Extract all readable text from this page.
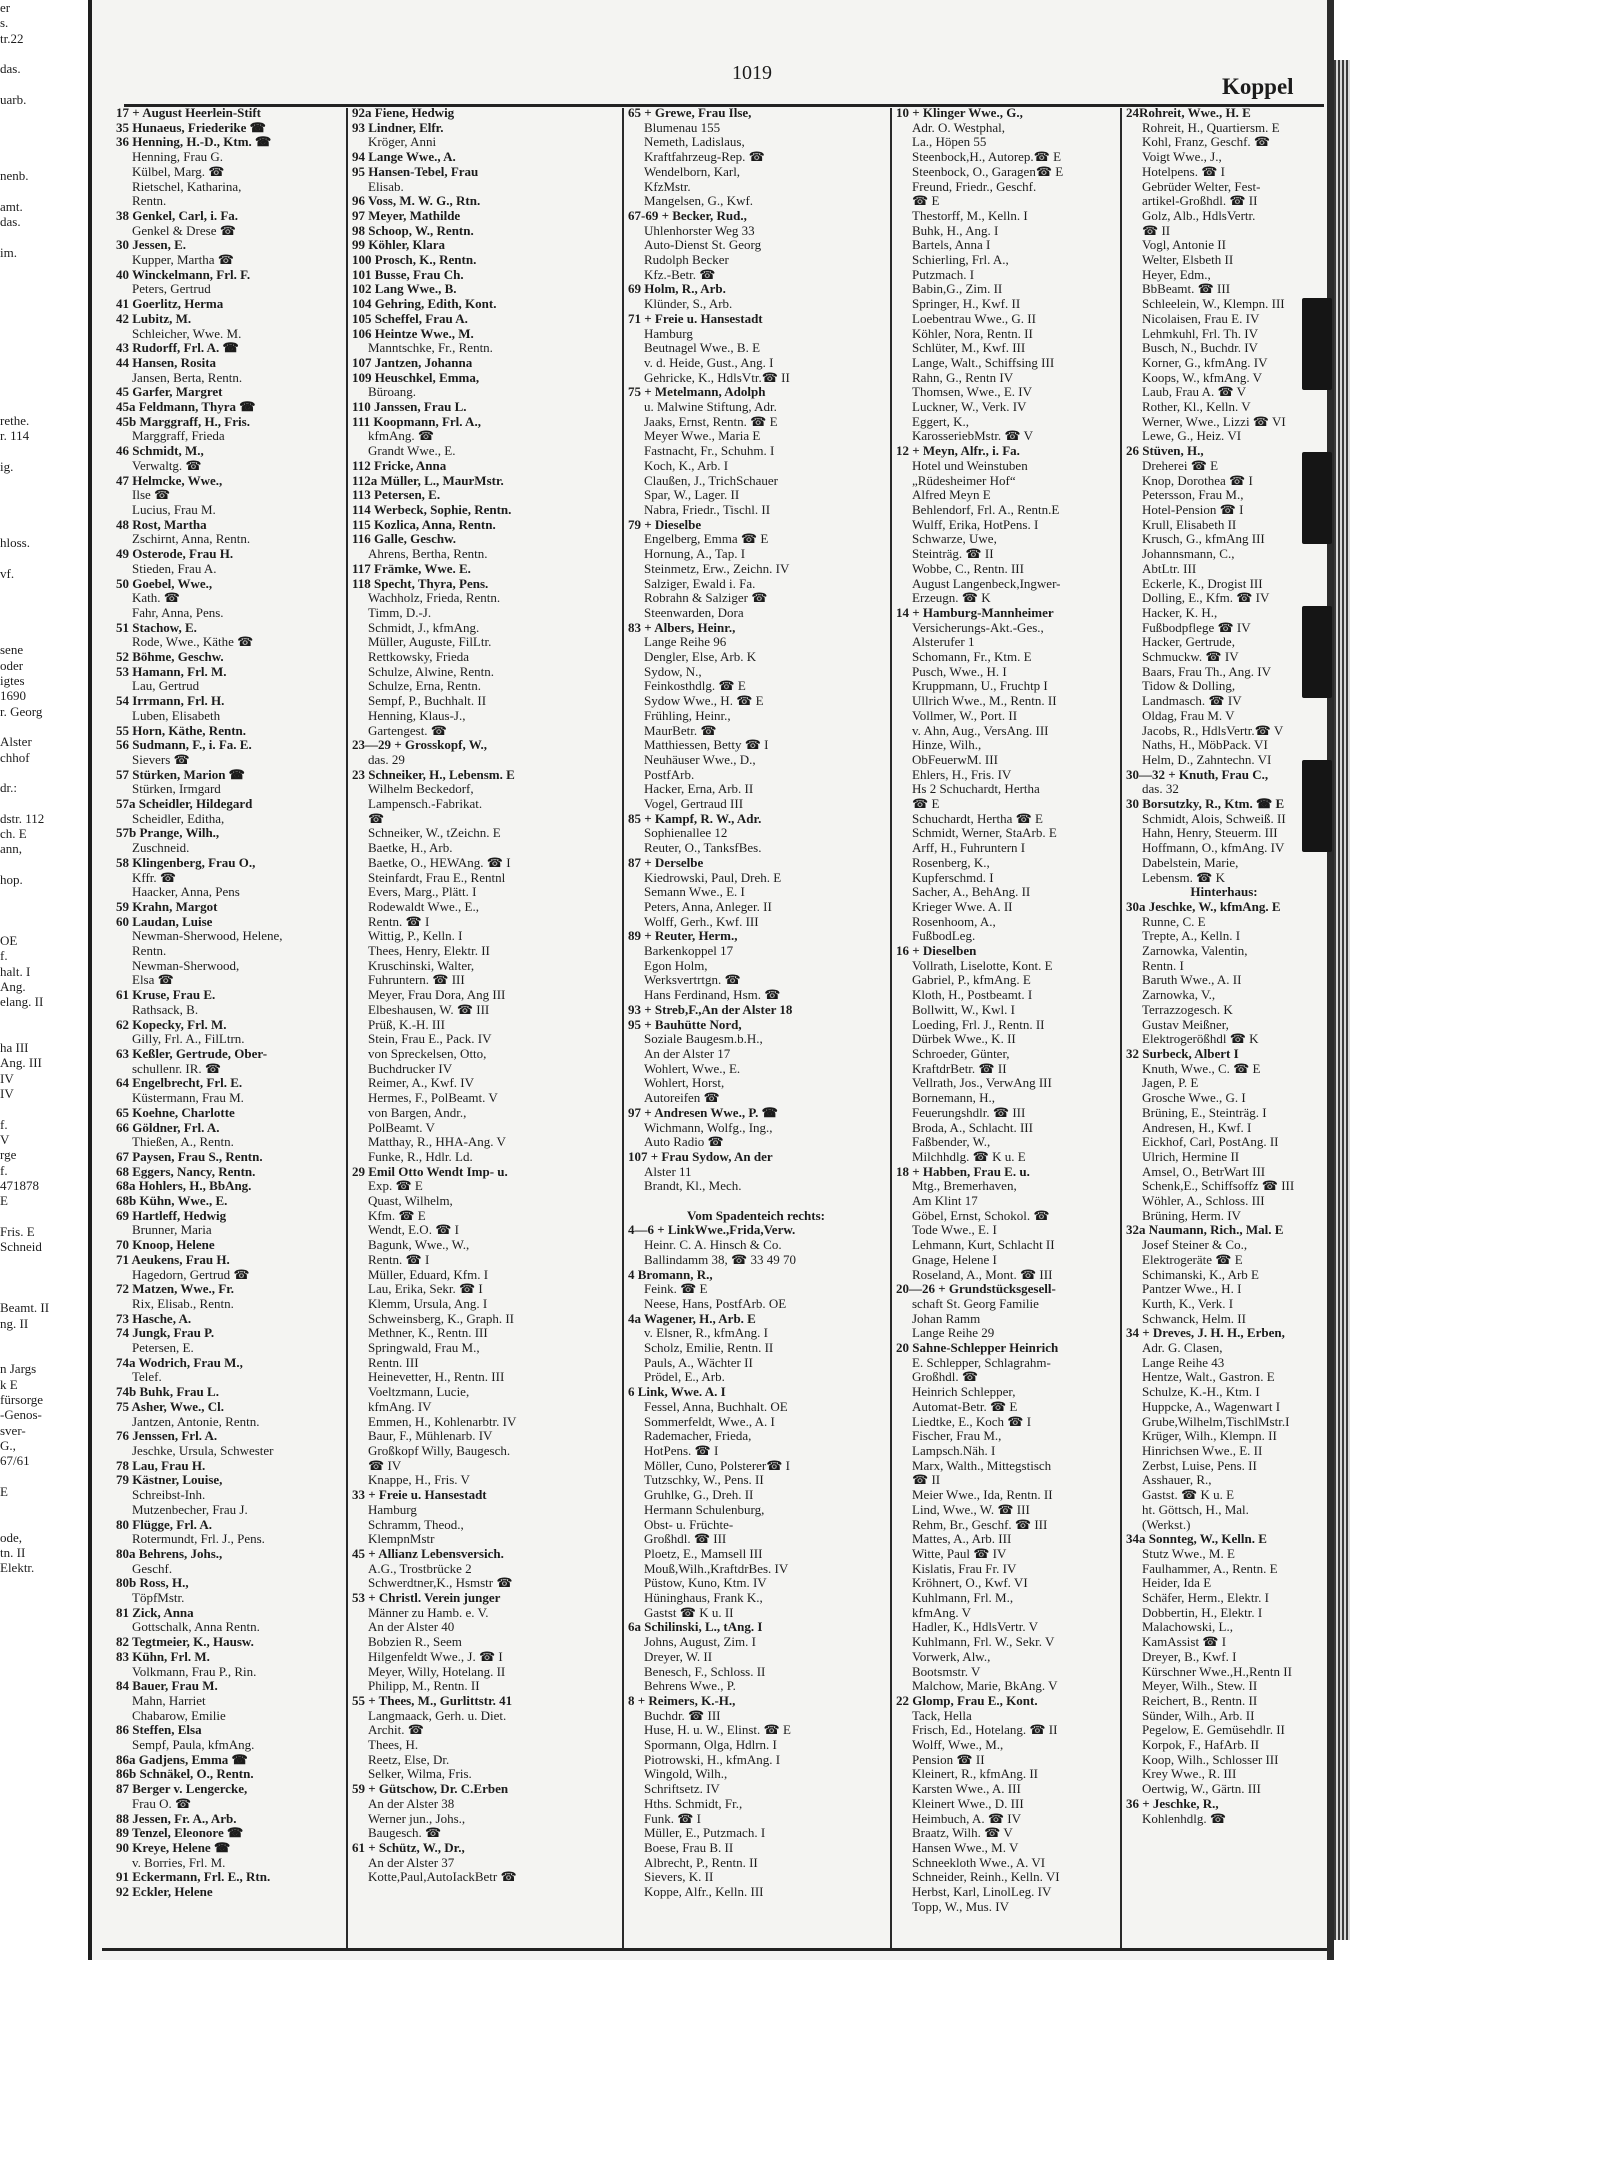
er
s.
tr.22

das.

uarb.

nenb.

amt.
das.

im.

rethe.
r. 114

ig.

hloss.

vf.

sene
oder
igtes
1690
r. Georg

Alster
chhof

dr.:

dstr. 112
ch. E
ann,

hop.

OE
f.
halt. I
Ang.
elang. II

ha III
Ang. III
IV
IV

f.
V
rge
f.
471878
E

Fris. E
Schneid

Beamt. II
ng. II

n Jargs
k E
fürsorge
-Genos-
sver-
G.,
67/61

E

ode,
tn. II
Elektr.
1019
Koppel
17 + August Heerlein-Stift
35 Hunaeus, Friederike ☎
36 Henning, H.-D., Ktm. ☎
Henning, Frau G.
Külbel, Marg. ☎
Rietschel, Katharina,
Rentn.
38 Genkel, Carl, i. Fa.
Genkel & Drese ☎
30 Jessen, E.
Kupper, Martha ☎
40 Winckelmann, Frl. F.
Peters, Gertrud
41 Goerlitz, Herma
42 Lubitz, M.
Schleicher, Wwe. M.
43 Rudorff, Frl. A. ☎
44 Hansen, Rosita
Jansen, Berta, Rentn.
45 Garfer, Margret
45a Feldmann, Thyra ☎
45b Marggraff, H., Fris.
Marggraff, Frieda
46 Schmidt, M.,
Verwaltg. ☎
47 Helmcke, Wwe.,
Ilse ☎
Lucius, Frau M.
48 Rost, Martha
Zschirnt, Anna, Rentn.
49 Osterode, Frau H.
Stieden, Frau A.
50 Goebel, Wwe.,
Kath. ☎
Fahr, Anna, Pens.
51 Stachow, E.
Rode, Wwe., Käthe ☎
52 Böhme, Geschw.
53 Hamann, Frl. M.
Lau, Gertrud
54 Irrmann, Frl. H.
Luben, Elisabeth
55 Horn, Käthe, Rentn.
56 Sudmann, F., i. Fa. E.
Sievers ☎
57 Stürken, Marion ☎
Stürken, Irmgard
57a Scheidler, Hildegard
Scheidler, Editha,
57b Prange, Wilh.,
Zuschneid.
58 Klingenberg, Frau O.,
Kffr. ☎
Haacker, Anna, Pens
59 Krahn, Margot
60 Laudan, Luise
Newman-Sherwood, Helene,
Rentn.
Newman-Sherwood,
Elsa ☎
61 Kruse, Frau E.
Rathsack, B.
62 Kopecky, Frl. M.
Gilly, Frl. A., FilLtrn.
63 Keßler, Gertrude, Ober-
schullenr. IR. ☎
64 Engelbrecht, Frl. E.
Küstermann, Frau M.
65 Koehne, Charlotte
66 Göldner, Frl. A.
Thießen, A., Rentn.
67 Paysen, Frau S., Rentn.
68 Eggers, Nancy, Rentn.
68a Hohlers, H., BbAng.
68b Kühn, Wwe., E.
69 Hartleff, Hedwig
Brunner, Maria
70 Knoop, Helene
71 Aeukens, Frau H.
Hagedorn, Gertrud ☎
72 Matzen, Wwe., Fr.
Rix, Elisab., Rentn.
73 Hasche, A.
74 Jungk, Frau P.
Petersen, E.
74a Wodrich, Frau M.,
Telef.
74b Buhk, Frau L.
75 Asher, Wwe., Cl.
Jantzen, Antonie, Rentn.
76 Jenssen, Frl. A.
Jeschke, Ursula, Schwester
78 Lau, Frau H.
79 Kästner, Louise,
Schreibst-Inh.
Mutzenbecher, Frau J.
80 Flügge, Frl. A.
Rotermundt, Frl. J., Pens.
80a Behrens, Johs.,
Geschf.
80b Ross, H.,
TöpfMstr.
81 Zick, Anna
Gottschalk, Anna Rentn.
82 Tegtmeier, K., Hausw.
83 Kühn, Frl. M.
Volkmann, Frau P., Rin.
84 Bauer, Frau M.
Mahn, Harriet
Chabarow, Emilie
86 Steffen, Elsa
Sempf, Paula, kfmAng.
86a Gadjens, Emma ☎
86b Schnäkel, O., Rentn.
87 Berger v. Lengercke,
Frau O. ☎
88 Jessen, Fr. A., Arb.
89 Tenzel, Eleonore ☎
90 Kreye, Helene ☎
v. Borries, Frl. M.
91 Eckermann, Frl. E., Rtn.
92 Eckler, Helene
92a Fiene, Hedwig
93 Lindner, Elfr.
Kröger, Anni
94 Lange Wwe., A.
95 Hansen-Tebel, Frau
Elisab.
96 Voss, M. W. G., Rtn.
97 Meyer, Mathilde
98 Schoop, W., Rentn.
99 Köhler, Klara
100 Prosch, K., Rentn.
101 Busse, Frau Ch.
102 Lang Wwe., B.
104 Gehring, Edith, Kont.
105 Scheffel, Frau A.
106 Heintze Wwe., M.
Manntschke, Fr., Rentn.
107 Jantzen, Johanna
109 Heuschkel, Emma,
Büroang.
110 Janssen, Frau L.
111 Koopmann, Frl. A.,
kfmAng. ☎
Grandt Wwe., E.
112 Fricke, Anna
112a Müller, L., MaurMstr.
113 Petersen, E.
114 Werbeck, Sophie, Rentn.
115 Kozlica, Anna, Rentn.
116 Galle, Geschw.
Ahrens, Bertha, Rentn.
117 Främke, Wwe. E.
118 Specht, Thyra, Pens.
Wachholz, Frieda, Rentn.
Timm, D.-J.
Schmidt, J., kfmAng.
Müller, Auguste, FilLtr.
Rettkowsky, Frieda
Schulze, Alwine, Rentn.
Schulze, Erna, Rentn.
Sempf, P., Buchhalt. II
Henning, Klaus-J.,
Gartengest. ☎
23—29 + Grosskopf, W.,
das. 29
23 Schneiker, H., Lebensm. E
Wilhelm Beckedorf,
Lampensch.-Fabrikat.
☎
Schneiker, W., tZeichn. E
Baetke, H., Arb.
Baetke, O., HEWAng. ☎ I
Steinfardt, Frau E., Rentnl
Evers, Marg., Plätt. I
Rodewaldt Wwe., E.,
Rentn. ☎ I
Wittig, P., Kelln. I
Thees, Henry, Elektr. II
Kruschinski, Walter,
Fuhruntern. ☎ III
Meyer, Frau Dora, Ang III
Elbeshausen, W. ☎ III
Prüß, K.-H. III
Stein, Frau E., Pack. IV
von Spreckelsen, Otto,
Buchdrucker IV
Reimer, A., Kwf. IV
Hermes, F., PolBeamt. V
von Bargen, Andr.,
PolBeamt. V
Matthay, R., HHA-Ang. V
Funke, R., Hdlr. Ld.
29 Emil Otto Wendt Imp- u.
Exp. ☎ E
Quast, Wilhelm,
Kfm. ☎ E
Wendt, E.O. ☎ I
Bagunk, Wwe., W.,
Rentn. ☎ I
Müller, Eduard, Kfm. I
Lau, Erika, Sekr. ☎ I
Klemm, Ursula, Ang. I
Schweinsberg, K., Graph. II
Methner, K., Rentn. III
Springwald, Frau M.,
Rentn. III
Heinevetter, H., Rentn. III
Voeltzmann, Lucie,
kfmAng. IV
Emmen, H., Kohlenarbtr. IV
Baur, F., Mühlenarb. IV
Großkopf Willy, Baugesch.
☎ IV
Knappe, H., Fris. V
33 + Freie u. Hansestadt
Hamburg
Schramm, Theod.,
KlempnMstr
45 + Allianz Lebensversich.
A.G., Trostbrücke 2
Schwerdtner,K., Hsmstr ☎
53 + Christl. Verein junger
Männer zu Hamb. e. V.
An der Alster 40
Bobzien R., Seem
Hilgenfeldt Wwe., J. ☎ I
Meyer, Willy, Hotelang. II
Philipp, M., Rentn. II
55 + Thees, M., Gurlittstr. 41
Langmaack, Gerh. u. Diet.
Archit. ☎
Thees, H.
Reetz, Else, Dr.
Selker, Wilma, Fris.
59 + Gütschow, Dr. C.Erben
An der Alster 38
Werner jun., Johs.,
Baugesch. ☎
61 + Schütz, W., Dr.,
An der Alster 37
Kotte,Paul,AutoIackBetr ☎
65 + Grewe, Frau Ilse,
Blumenau 155
Nemeth, Ladislaus,
Kraftfahrzeug-Rep. ☎
Wendelborn, Karl,
KfzMstr.
Mangelsen, G., Kwf.
67-69 + Becker, Rud.,
Uhlenhorster Weg 33
Auto-Dienst St. Georg
Rudolph Becker
Kfz.-Betr. ☎
69 Holm, R., Arb.
Klünder, S., Arb.
71 + Freie u. Hansestadt
Hamburg
Beutnagel Wwe., B. E
v. d. Heide, Gust., Ang. I
Gehricke, K., HdlsVtr.☎ II
75 + Metelmann, Adolph
u. Malwine Stiftung, Adr.
Jaaks, Ernst, Rentn. ☎ E
Meyer Wwe., Maria E
Fastnacht, Fr., Schuhm. I
Koch, K., Arb. I
Claußen, J., TrichSchauer
Spar, W., Lager. II
Nabra, Friedr., Tischl. II
79 + Dieselbe
Engelberg, Emma ☎ E
Hornung, A., Tap. I
Steinmetz, Erw., Zeichn. IV
Salziger, Ewald i. Fa.
Robrahn & Salziger ☎
Steenwarden, Dora
83 + Albers, Heinr.,
Lange Reihe 96
Dengler, Else, Arb. K
Sydow, N.,
Feinkosthdlg. ☎ E
Sydow Wwe., H. ☎ E
Frühling, Heinr.,
MaurBetr. ☎
Matthiessen, Betty ☎ I
Neuhäuser Wwe., D.,
PostfArb.
Hacker, Erna, Arb. II
Vogel, Gertraud III
85 + Kampf, R. W., Adr.
Sophienallee 12
Reuter, O., TanksfBes.
87 + Derselbe
Kiedrowski, Paul, Dreh. E
Semann Wwe., E. I
Peters, Anna, Anleger. II
Wolff, Gerh., Kwf. III
89 + Reuter, Herm.,
Barkenkoppel 17
Egon Holm,
Werksvertrtgn. ☎
Hans Ferdinand, Hsm. ☎
93 + Streb,F.,An der Alster 18
95 + Bauhütte Nord,
Soziale Baugesm.b.H.,
An der Alster 17
Wohlert, Wwe., E.
Wohlert, Horst,
Autoreifen ☎
97 + Andresen Wwe., P. ☎
Wichmann, Wolfg., Ing.,
Auto Radio ☎
107 + Frau Sydow, An der
Alster 11
Brandt, Kl., Mech.

Vom Spadenteich rechts:
4—6 + LinkWwe.,Frida,Verw.
Heinr. C. A. Hinsch & Co.
Ballindamm 38, ☎ 33 49 70
4 Bromann, R.,
Feink. ☎ E
Neese, Hans, PostfArb. OE
4a Wagener, H., Arb. E
v. Elsner, R., kfmAng. I
Scholz, Emilie, Rentn. II
Pauls, A., Wächter II
Prödel, E., Arb.
6 Link, Wwe. A. I
Fessel, Anna, Buchhalt. OE
Sommerfeldt, Wwe., A. I
Rademacher, Frieda,
HotPens. ☎ I
Möller, Cuno, Polsterer☎ I
Tutzschky, W., Pens. II
Gruhlke, G., Dreh. II
Hermann Schulenburg,
Obst- u. Früchte-
Großhdl. ☎ III
Ploetz, E., Mamsell III
Mouß,Wilh.,KraftdrBes. IV
Püstow, Kuno, Ktm. IV
Hüninghaus, Frank K.,
Gastst ☎ K u. II
6a Schilinski, L., tAng. I
Johns, August, Zim. I
Dreyer, W. II
Benesch, F., Schloss. II
Behrens Wwe., P.
8 + Reimers, K.-H.,
Buchdr. ☎ III
Huse, H. u. W., Elinst. ☎ E
Spormann, Olga, Hdlrn. I
Piotrowski, H., kfmAng. I
Wingold, Wilh.,
Schriftsetz. IV
Hths. Schmidt, Fr.,
Funk. ☎ I
Müller, E., Putzmach. I
Boese, Frau B. II
Albrecht, P., Rentn. II
Sievers, K. II
Koppe, Alfr., Kelln. III
10 + Klinger Wwe., G.,
Adr. O. Westphal,
La., Höpen 55
Steenbock,H., Autorep.☎ E
Steenbock, O., Garagen☎ E
Freund, Friedr., Geschf.
☎ E
Thestorff, M., Kelln. I
Buhk, H., Ang. I
Bartels, Anna I
Schierling, Frl. A.,
Putzmach. I
Babin,G., Zim. II
Springer, H., Kwf. II
Loebentrau Wwe., G. II
Köhler, Nora, Rentn. II
Schlüter, M., Kwf. III
Lange, Walt., Schiffsing III
Rahn, G., Rentn IV
Thomsen, Wwe., E. IV
Luckner, W., Verk. IV
Eggert, K.,
KarosseriebMstr. ☎ V
12 + Meyn, Alfr., i. Fa.
Hotel und Weinstuben
„Rüdesheimer Hof“
Alfred Meyn E
Behlendorf, Frl. A., Rentn.E
Wulff, Erika, HotPens. I
Schwarze, Uwe,
Steinträg. ☎ II
Wobbe, C., Rentn. III
August Langenbeck,Ingwer-
Erzeugn. ☎ K
14 + Hamburg-Mannheimer
Versicherungs-Akt.-Ges.,
Alsterufer 1
Schomann, Fr., Ktm. E
Pusch, Wwe., H. I
Kruppmann, U., Fruchtp I
Ullrich Wwe., M., Rentn. II
Vollmer, W., Port. II
v. Ahn, Aug., VersAng. III
Hinze, Wilh.,
ObFeuerwM. III
Ehlers, H., Fris. IV
Hs 2 Schuchardt, Hertha
☎ E
Schuchardt, Hertha ☎ E
Schmidt, Werner, StaArb. E
Arff, H., Fuhruntern I
Rosenberg, K.,
Kupferschmd. I
Sacher, A., BehAng. II
Krieger Wwe. A. II
Rosenhoom, A.,
FußbodLeg.
16 + Dieselben
Vollrath, Liselotte, Kont. E
Gabriel, P., kfmAng. E
Kloth, H., Postbeamt. I
Bollwitt, W., Kwl. I
Loeding, Frl. J., Rentn. II
Dürbek Wwe., K. II
Schroeder, Günter,
KraftdrBetr. ☎ II
Vellrath, Jos., VerwAng III
Bornemann, H.,
Feuerungshdlr. ☎ III
Broda, A., Schlacht. III
Faßbender, W.,
Milchhdlg. ☎ K u. E
18 + Habben, Frau E. u.
Mtg., Bremerhaven,
Am Klint 17
Göbel, Ernst, Schokol. ☎
Tode Wwe., E. I
Lehmann, Kurt, Schlacht II
Gnage, Helene I
Roseland, A., Mont. ☎ III
20—26 + Grundstücksgesell-
schaft St. Georg Familie
Johan Ramm
Lange Reihe 29
20 Sahne-Schlepper Heinrich
E. Schlepper, Schlagrahm-
Großhdl. ☎
Heinrich Schlepper,
Automat-Betr. ☎ E
Liedtke, E., Koch ☎ I
Fischer, Frau M.,
Lampsch.Näh. I
Marx, Walth., Mittegstisch
☎ II
Meier Wwe., Ida, Rentn. II
Lind, Wwe., W. ☎ III
Rehm, Br., Geschf. ☎ III
Mattes, A., Arb. III
Witte, Paul ☎ IV
Kislatis, Frau Fr. IV
Kröhnert, O., Kwf. VI
Kuhlmann, Frl. M.,
kfmAng. V
Hadler, K., HdlsVertr. V
Kuhlmann, Frl. W., Sekr. V
Vorwerk, Alw.,
Bootsmstr. V
Malchow, Marie, BkAng. V
22 Glomp, Frau E., Kont.
Tack, Hella
Frisch, Ed., Hotelang. ☎ II
Wolff, Wwe., M.,
Pension ☎ II
Kleinert, R., kfmAng. II
Karsten Wwe., A. III
Kleinert Wwe., D. III
Heimbuch, A. ☎ IV
Braatz, Wilh. ☎ V
Hansen Wwe., M. V
Schneekloth Wwe., A. VI
Schneider, Reinh., Kelln. VI
Herbst, Karl, LinolLeg. IV
Topp, W., Mus. IV
24Rohreit, Wwe., H. E
Rohreit, H., Quartiersm. E
Kohl, Franz, Geschf. ☎
Voigt Wwe., J.,
Hotelpens. ☎ I
Gebrüder Welter, Fest-
artikel-Großhdl. ☎ II
Golz, Alb., HdlsVertr.
☎ II
Vogl, Antonie II
Welter, Elsbeth II
Heyer, Edm.,
BbBeamt. ☎ III
Schleelein, W., Klempn. III
Nicolaisen, Frau E. IV
Lehmkuhl, Frl. Th. IV
Busch, N., Buchdr. IV
Korner, G., kfmAng. IV
Koops, W., kfmAng. V
Laub, Frau A. ☎ V
Rother, Kl., Kelln. V
Werner, Wwe., Lizzi ☎ VI
Lewe, G., Heiz. VI
26 Stüven, H.,
Dreherei ☎ E
Knop, Dorothea ☎ I
Petersson, Frau M.,
Hotel-Pension ☎ I
Krull, Elisabeth II
Krusch, G., kfmAng III
Johannsmann, C.,
AbtLtr. III
Eckerle, K., Drogist III
Dolling, E., Kfm. ☎ IV
Hacker, K. H.,
Fußbodpflege ☎ IV
Hacker, Gertrude,
Schmuckw. ☎ IV
Baars, Frau Th., Ang. IV
Tidow & Dolling,
Landmasch. ☎ IV
Oldag, Frau M. V
Jacobs, R., HdlsVertr.☎ V
Naths, H., MöbPack. VI
Helm, D., Zahntechn. VI
30—32 + Knuth, Frau C.,
das. 32
30 Borsutzky, R., Ktm. ☎ E
Schmidt, Alois, Schweiß. II
Hahn, Henry, Steuerm. III
Hoffmann, O., kfmAng. IV
Dabelstein, Marie,
Lebensm. ☎ K
Hinterhaus:
30a Jeschke, W., kfmAng. E
Runne, C. E
Trepte, A., Kelln. I
Zarnowka, Valentin,
Rentn. I
Baruth Wwe., A. II
Zarnowka, V.,
Terrazzogesch. K
Gustav Meißner,
Elektrogerößhdl ☎ K
32 Surbeck, Albert I
Knuth, Wwe., C. ☎ E
Jagen, P. E
Grosche Wwe., G. I
Brüning, E., Steinträg. I
Andresen, H., Kwf. I
Eickhof, Carl, PostAng. II
Ulrich, Hermine II
Amsel, O., BetrWart III
Schenk,E., Schiffsoffz ☎ III
Wöhler, A., Schloss. III
Brüning, Herm. IV
32a Naumann, Rich., Mal. E
Josef Steiner & Co.,
Elektrogeräte ☎ E
Schimanski, K., Arb E
Pantzer Wwe., H. I
Kurth, K., Verk. I
Schwanck, Helm. II
34 + Dreves, J. H. H., Erben,
Adr. G. Clasen,
Lange Reihe 43
Hentze, Walt., Gastron. E
Schulze, K.-H., Ktm. I
Huppcke, A., Wagenwart I
Grube,Wilhelm,TischlMstr.I
Krüger, Wilh., Klempn. II
Hinrichsen Wwe., E. II
Zerbst, Luise, Pens. II
Asshauer, R.,
Gastst. ☎ K u. E
ht. Göttsch, H., Mal.
(Werkst.)
34a Sonnteg, W., Kelln. E
Stutz Wwe., M. E
Faulhammer, A., Rentn. E
Heider, Ida E
Schäfer, Herm., Elektr. I
Dobbertin, H., Elektr. I
Malachowski, L.,
KamAssist ☎ I
Dreyer, B., Kwf. I
Kürschner Wwe.,H.,Rentn II
Meyer, Wilh., Stew. II
Reichert, B., Rentn. II
Sünder, Wilh., Arb. II
Pegelow, E. Gemüsehdlr. II
Korpok, F., HafArb. II
Koop, Wilh., Schlosser III
Krey Wwe., R. III
Oertwig, W., Gärtn. III
36 + Jeschke, R.,
Kohlenhdlg. ☎
